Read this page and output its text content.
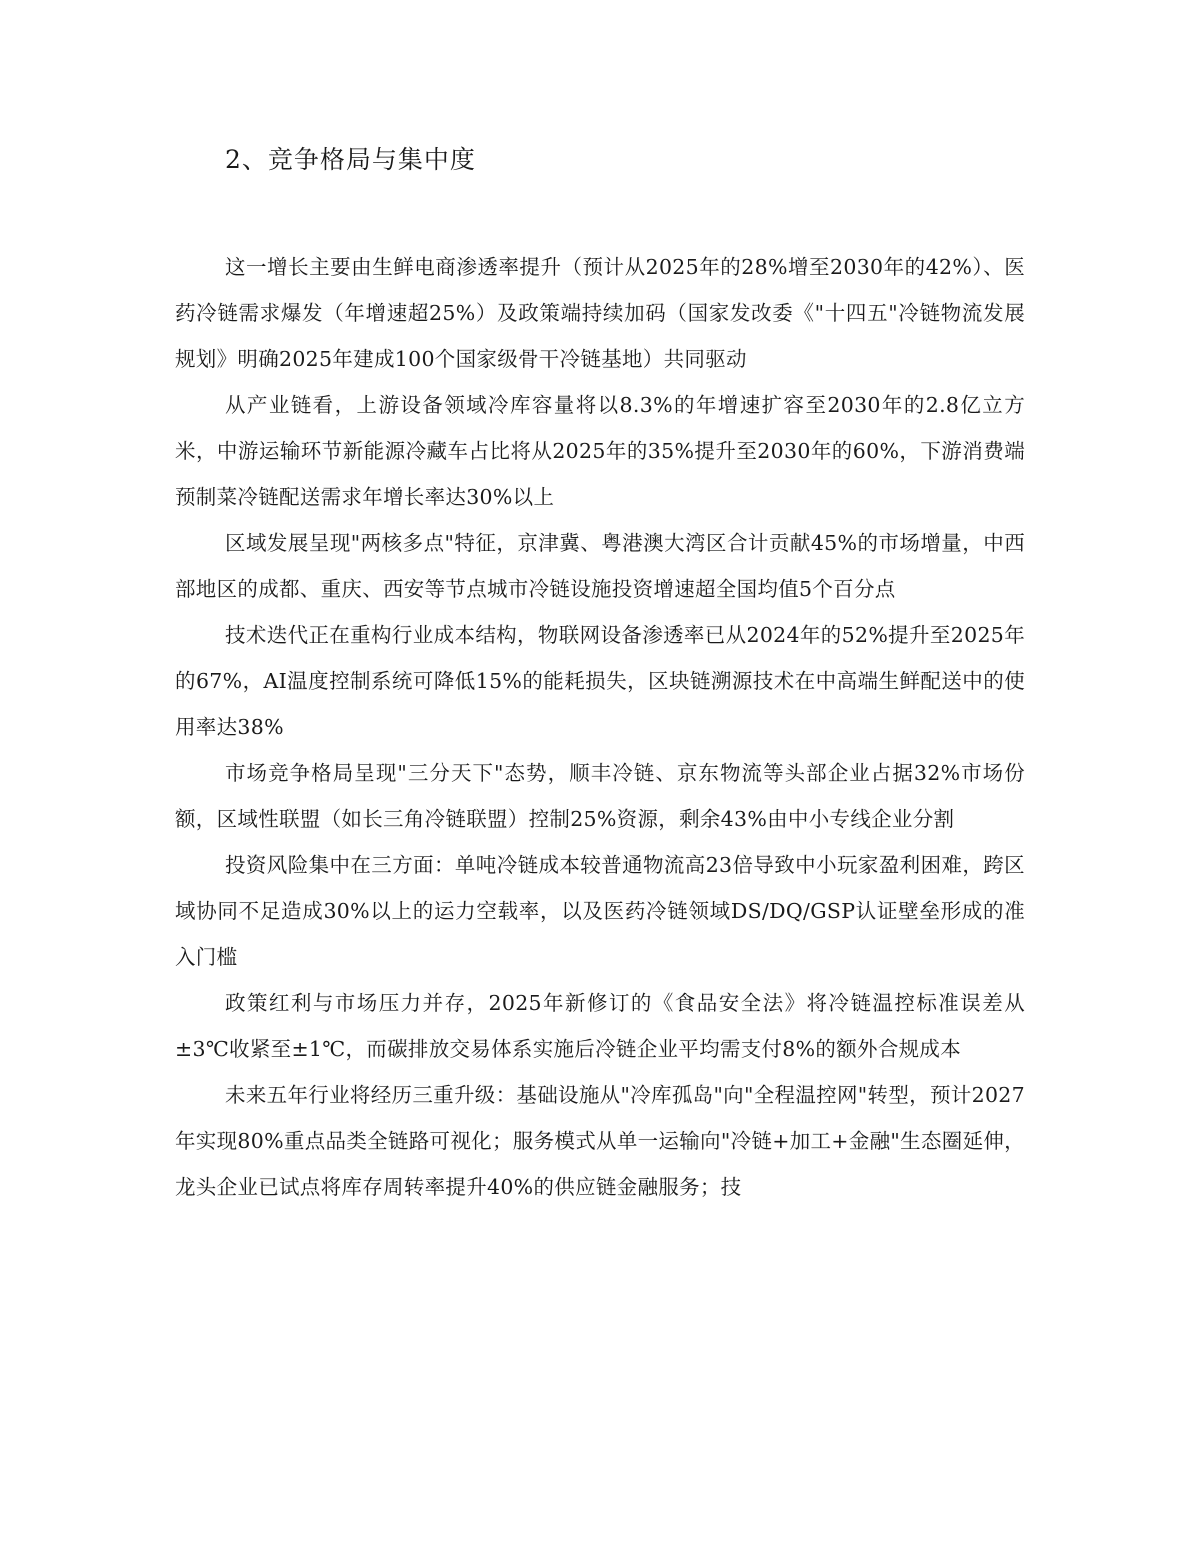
2、竞争格局与集中度

这一增长主要由生鲜电商渗透率提升（预计从2025年的28%增至2030年的42%）、医药冷链需求爆发（年增速超25%）及政策端持续加码（国家发改委《"十四五"冷链物流发展规划》明确2025年建成100个国家级骨干冷链基地）共同驱动

从产业链看，上游设备领域冷库容量将以8.3%的年增速扩容至2030年的2.8亿立方米，中游运输环节新能源冷藏车占比将从2025年的35%提升至2030年的60%，下游消费端预制菜冷链配送需求年增长率达30%以上

区域发展呈现"两核多点"特征，京津冀、粤港澳大湾区合计贡献45%的市场增量，中西部地区的成都、重庆、西安等节点城市冷链设施投资增速超全国均值5个百分点

技术迭代正在重构行业成本结构，物联网设备渗透率已从2024年的52%提升至2025年的67%，AI温度控制系统可降低15%的能耗损失，区块链溯源技术在中高端生鲜配送中的使用率达38%

市场竞争格局呈现"三分天下"态势，顺丰冷链、京东物流等头部企业占据32%市场份额，区域性联盟（如长三角冷链联盟）控制25%资源，剩余43%由中小专线企业分割

投资风险集中在三方面：单吨冷链成本较普通物流高23倍导致中小玩家盈利困难，跨区域协同不足造成30%以上的运力空载率，以及医药冷链领域DS/DQ/GSP认证壁垒形成的准入门槛

政策红利与市场压力并存，2025年新修订的《食品安全法》将冷链温控标准误差从±3℃收紧至±1℃，而碳排放交易体系实施后冷链企业平均需支付8%的额外合规成本

未来五年行业将经历三重升级：基础设施从"冷库孤岛"向"全程温控网"转型，预计2027年实现80%重点品类全链路可视化；服务模式从单一运输向"冷链+加工+金融"生态圈延伸，龙头企业已试点将库存周转率提升40%的供应链金融服务；技
